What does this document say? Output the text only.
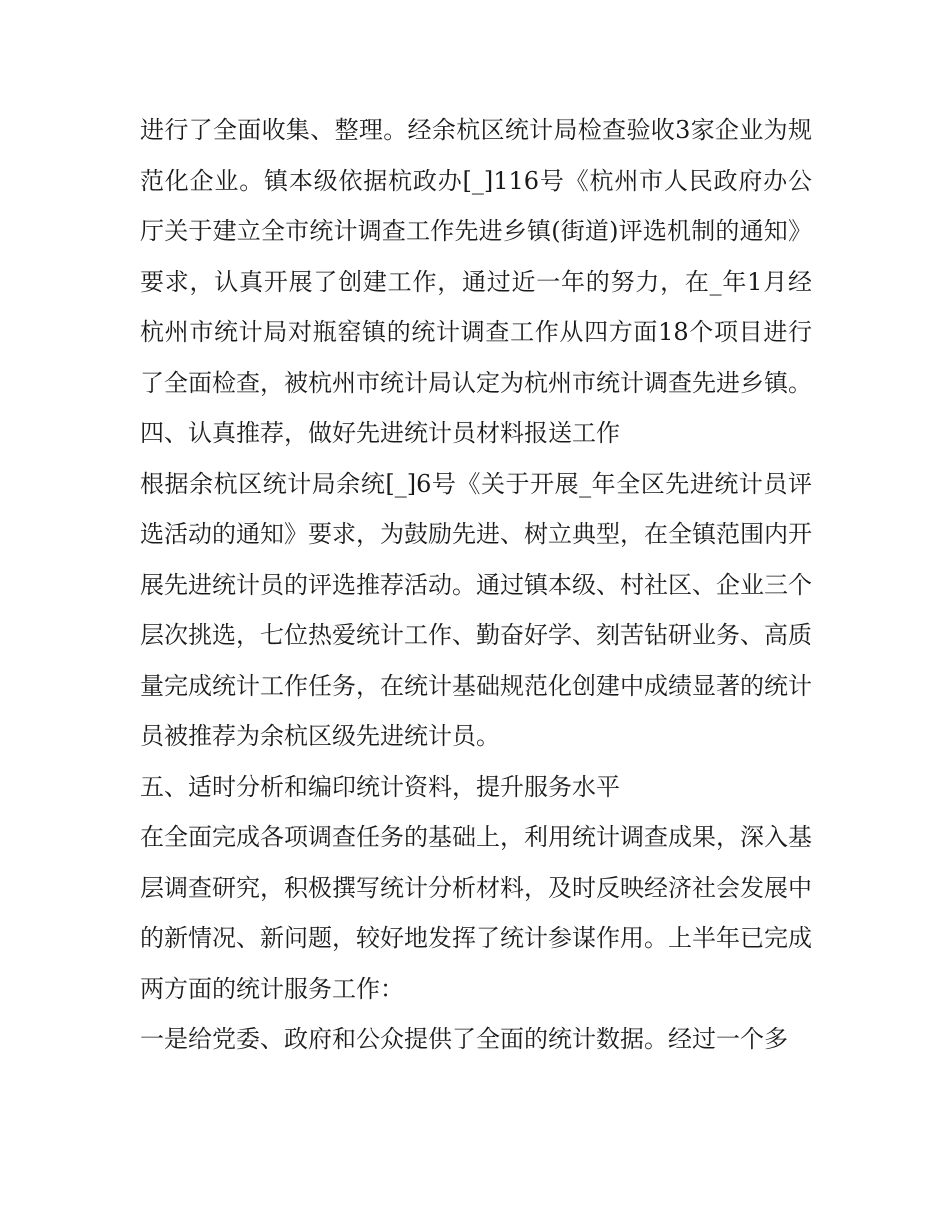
进行了全面收集、整理。经余杭区统计局检查验收3家企业为规范化企业。镇本级依据杭政办[_]116号《杭州市人民政府办公厅关于建立全市统计调查工作先进乡镇(街道)评选机制的通知》要求，认真开展了创建工作，通过近一年的努力，在_年1月经杭州市统计局对瓶窑镇的统计调查工作从四方面18个项目进行了全面检查，被杭州市统计局认定为杭州市统计调查先进乡镇。

四、认真推荐，做好先进统计员材料报送工作

根据余杭区统计局余统[_]6号《关于开展_年全区先进统计员评选活动的通知》要求，为鼓励先进、树立典型，在全镇范围内开展先进统计员的评选推荐活动。通过镇本级、村社区、企业三个层次挑选，七位热爱统计工作、勤奋好学、刻苦钻研业务、高质量完成统计工作任务，在统计基础规范化创建中成绩显著的统计员被推荐为余杭区级先进统计员。

五、适时分析和编印统计资料，提升服务水平

在全面完成各项调查任务的基础上，利用统计调查成果，深入基层调查研究，积极撰写统计分析材料，及时反映经济社会发展中的新情况、新问题，较好地发挥了统计参谋作用。上半年已完成两方面的统计服务工作：

一是给党委、政府和公众提供了全面的统计数据。经过一个多
